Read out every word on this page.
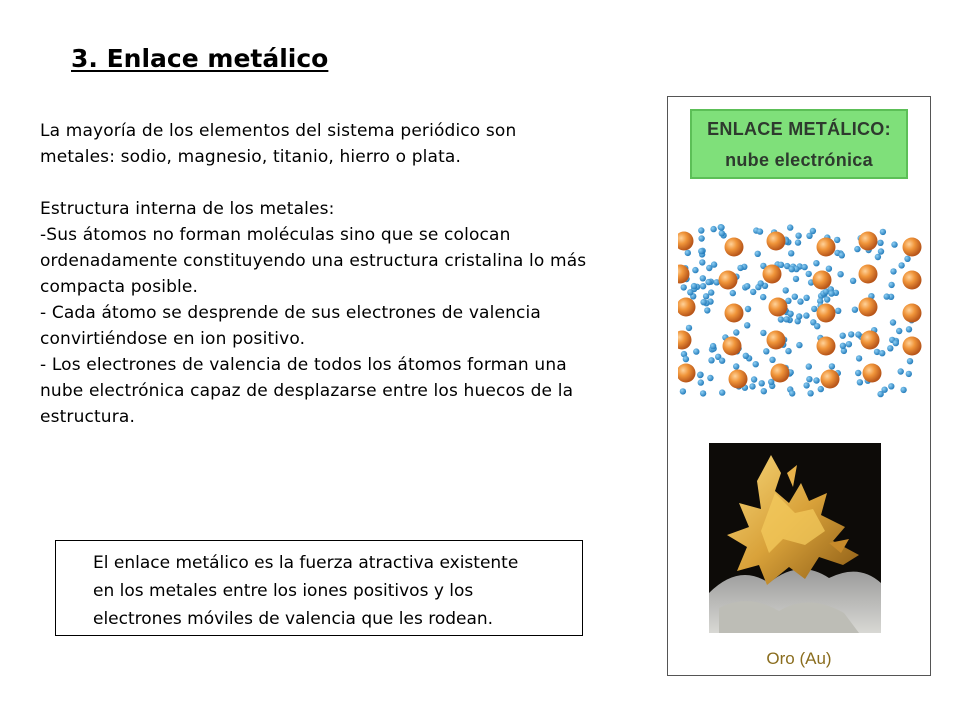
3. Enlace metálico

La mayoría de los elementos del sistema periódico son

metales: sodio, magnesio, titanio, hierro o plata.

Estructura interna de los metales:

-Sus átomos no forman moléculas sino que se colocan

ordenadamente constituyendo una estructura cristalina lo más

compacta posible.

- Cada átomo se desprende de sus electrones de valencia

convirtiéndose en ion positivo.

- Los electrones de valencia de todos los átomos forman una

nube electrónica capaz de desplazarse entre los huecos de la

estructura.

El enlace metálico es la fuerza atractiva existente

en los metales entre los iones positivos y los

electrones móviles de valencia que les rodean.

ENLACE METÁLICO:
nube electrónica
Oro (Au)
